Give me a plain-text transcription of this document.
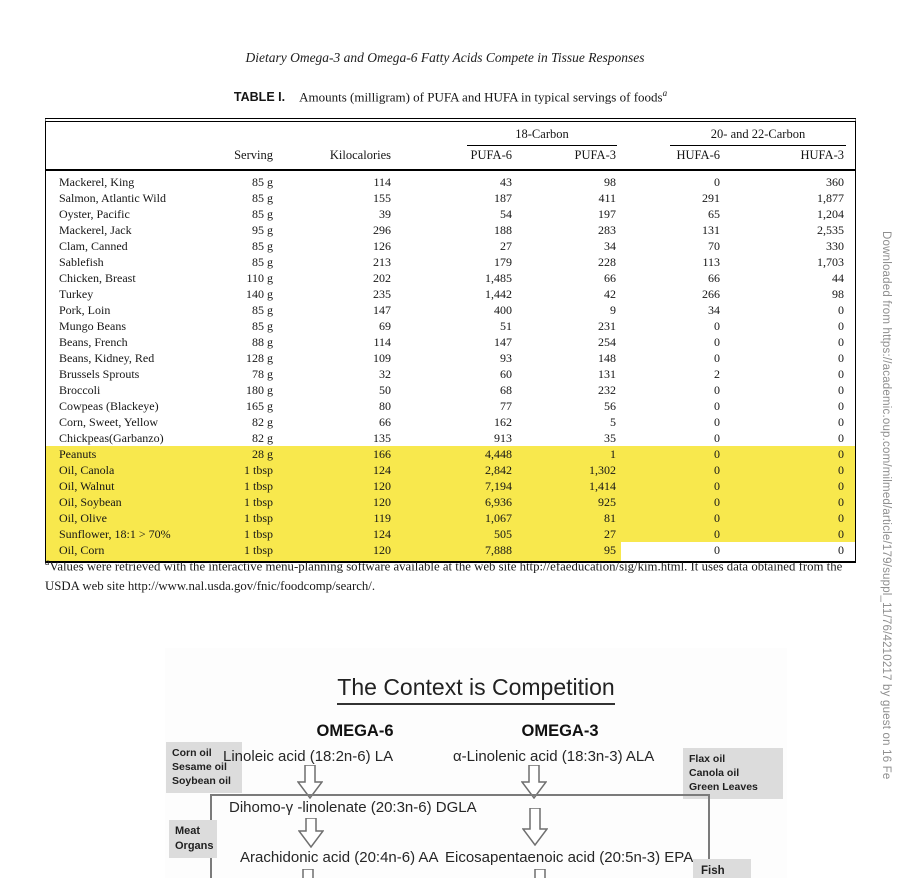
Dietary Omega-3 and Omega-6 Fatty Acids Compete in Tissue Responses
TABLE I. Amounts (milligram) of PUFA and HUFA in typical servings of foods$^a$
			18-Carbon		20- and 22-Carbon	
	Serving	Kilocalories	PUFA-6	PUFA-3	HUFA-6	HUFA-3
Mackerel, King	85 g	114	43	98	0	360
Salmon, Atlantic Wild	85 g	155	187	411	291	1,877
Oyster, Pacific	85 g	39	54	197	65	1,204
Mackerel, Jack	95 g	296	188	283	131	2,535
Clam, Canned	85 g	126	27	34	70	330
Sablefish	85 g	213	179	228	113	1,703
Chicken, Breast	110 g	202	1,485	66	66	44
Turkey	140 g	235	1,442	42	266	98
Pork, Loin	85 g	147	400	9	34	0
Mungo Beans	85 g	69	51	231	0	0
Beans, French	88 g	114	147	254	0	0
Beans, Kidney, Red	128 g	109	93	148	0	0
Brussels Sprouts	78 g	32	60	131	2	0
Broccoli	180 g	50	68	232	0	0
Cowpeas (Blackeye)	165 g	80	77	56	0	0
Corn, Sweet, Yellow	82 g	66	162	5	0	0
Chickpeas(Garbanzo)	82 g	135	913	35	0	0
Peanuts	28 g	166	4,448	1	0	0
Oil, Canola	1 tbsp	124	2,842	1,302	0	0
Oil, Walnut	1 tbsp	120	7,194	1,414	0	0
Oil, Soybean	1 tbsp	120	6,936	925	0	0
Oil, Olive	1 tbsp	119	1,067	81	0	0
Sunflower, 18:1 > 70%	1 tbsp	124	505	27	0	0
Oil, Corn	1 tbsp	120	7,888	95	0	0
$^a$Values were retrieved with the interactive menu-planning software available at the web site http://efaeducation/sig/kim.html. It uses data obtained from the USDA web site http://www.nal.usda.gov/fnic/foodcomp/search/.
The Context is Competition
OMEGA-6	OMEGA-3
Corn oil
Sesame oil
Soybean oil
Flax oil
Canola oil
Green Leaves
Linoleic acid (18:2n-6) LA	α-Linolenic acid (18:3n-3) ALA
Meat
Organs
Dihomo-γ -linolenate (20:3n-6) DGLA
Arachidonic acid (20:4n-6) AA Eicosapentaenoic acid (20:5n-3) EPA
Fish
Downloaded from https://academic.oup.com/milmed/article/179/suppl_11/76/4210217 by guest on 16 Fe
